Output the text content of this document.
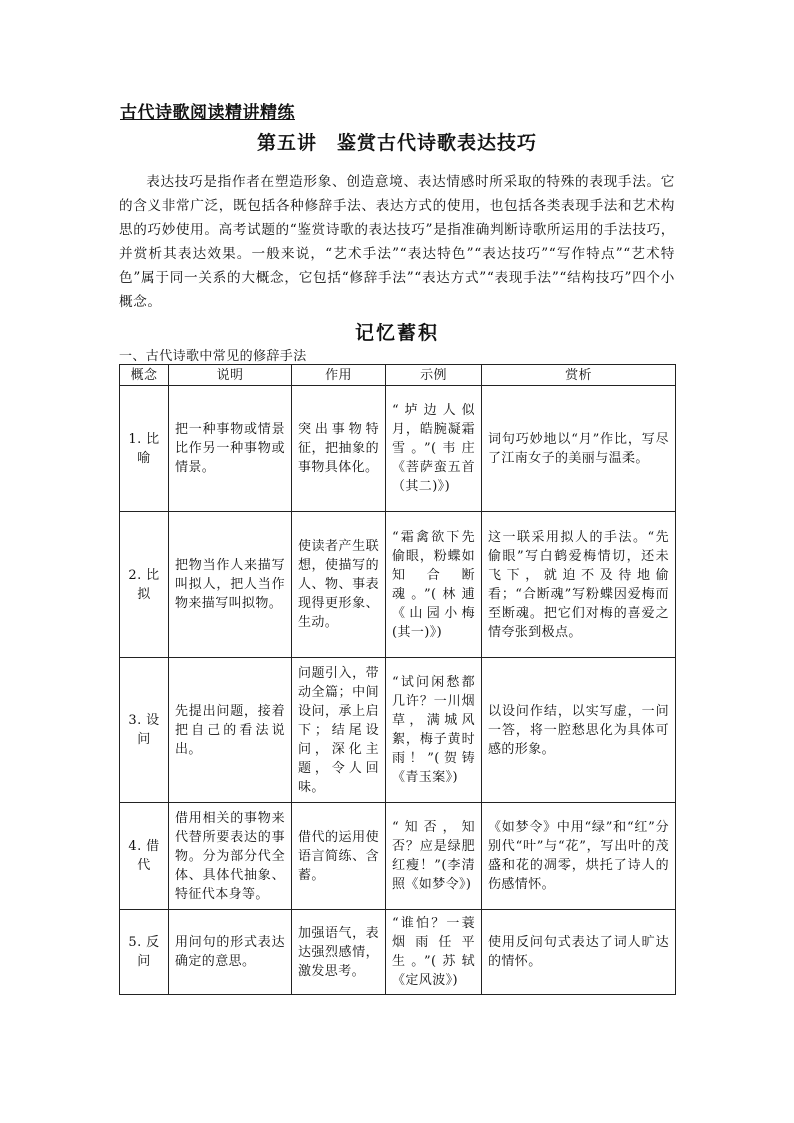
古代诗歌阅读精讲精练
第五讲　鉴赏古代诗歌表达技巧

表达技巧是指作者在塑造形象、创造意境、表达情感时所采取的特殊的表现手法。它的含义非常广泛，既包括各种修辞手法、表达方式的使用，也包括各类表现手法和艺术构思的巧妙使用。高考试题的“鉴赏诗歌的表达技巧”是指准确判断诗歌所运用的手法技巧，并赏析其表达效果。一般来说，“艺术手法”“表达特色”“表达技巧”“写作特点”“艺术特色”属于同一关系的大概念，它包括“修辞手法”“表达方式”“表现手法”“结构技巧”四个小概念。

记忆蓄积
一、古代诗歌中常见的修辞手法
概念	说明	作用	示例	赏析
1. 比喻	把一种事物或情景比作另一种事物或情景。	突出事物特征，把抽象的事物具体化。	“垆边人似月，皓腕凝霜雪。”(韦庄《菩萨蛮五首（其二)》)	词句巧妙地以“月”作比，写尽了江南女子的美丽与温柔。
2. 比拟	把物当作人来描写叫拟人，把人当作物来描写叫拟物。	使读者产生联想，使描写的人、物、事表现得更形象、生动。	“霜禽欲下先偷眼，粉蝶如知合断魂。”(林逋《山园小梅(其一)》)	这一联采用拟人的手法。“先偷眼”写白鹤爱梅情切，还未飞下，就迫不及待地偷看；“合断魂”写粉蝶因爱梅而至断魂。把它们对梅的喜爱之情夸张到极点。
3. 设问	先提出问题，接着把自己的看法说出。	问题引入，带动全篇；中间设问，承上启下；结尾设问，深化主题，令人回味。	“试问闲愁都几许？一川烟草，满城风絮，梅子黄时雨！”(贺铸《青玉案》)	以设问作结，以实写虚，一问一答，将一腔愁思化为具体可感的形象。
4. 借代	借用相关的事物来代替所要表达的事物。分为部分代全体、具体代抽象、特征代本身等。	借代的运用使语言简练、含蓄。	“知否，知否？应是绿肥红瘦！”(李清照《如梦令》)	《如梦令》中用“绿”和“红”分别代“叶”与“花”，写出叶的茂盛和花的凋零，烘托了诗人的伤感情怀。
5. 反问	用问句的形式表达确定的意思。	加强语气，表达强烈感情，激发思考。	“谁怕？一蓑烟雨任平生。”(苏轼《定风波》)	使用反问句式表达了词人旷达的情怀。
